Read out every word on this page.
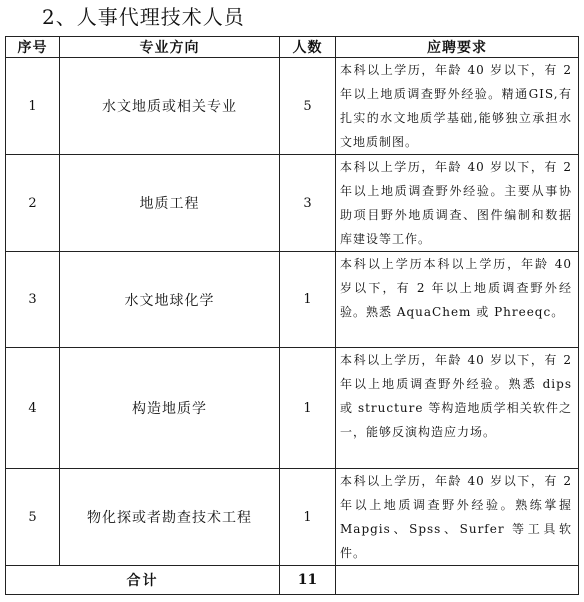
2、人事代理技术人员
序号	专业方向	人数	应聘要求
1	水文地质或相关专业	5	本科以上学历，年龄 40 岁以下，有 2 年以上地质调查野外经验。精通GIS,有扎实的水文地质学基础,能够独立承担水文地质制图。
2	地质工程	3	本科以上学历，年龄 40 岁以下，有 2 年以上地质调查野外经验。主要从事协助项目野外地质调查、图件编制和数据库建设等工作。
3	水文地球化学	1	本科以上学历本科以上学历，年龄 40 岁以下，有 2 年以上地质调查野外经验。熟悉 AquaChem 或 Phreeqc。
4	构造地质学	1	本科以上学历，年龄 40 岁以下，有 2 年以上地质调查野外经验。熟悉 dips 或 structure 等构造地质学相关软件之一，能够反演构造应力场。
5	物化探或者勘查技术工程	1	本科以上学历，年龄 40 岁以下，有 2 年以上地质调查野外经验。熟练掌握 Mapgis、Spss、Surfer 等工具软件。
合计		11	
